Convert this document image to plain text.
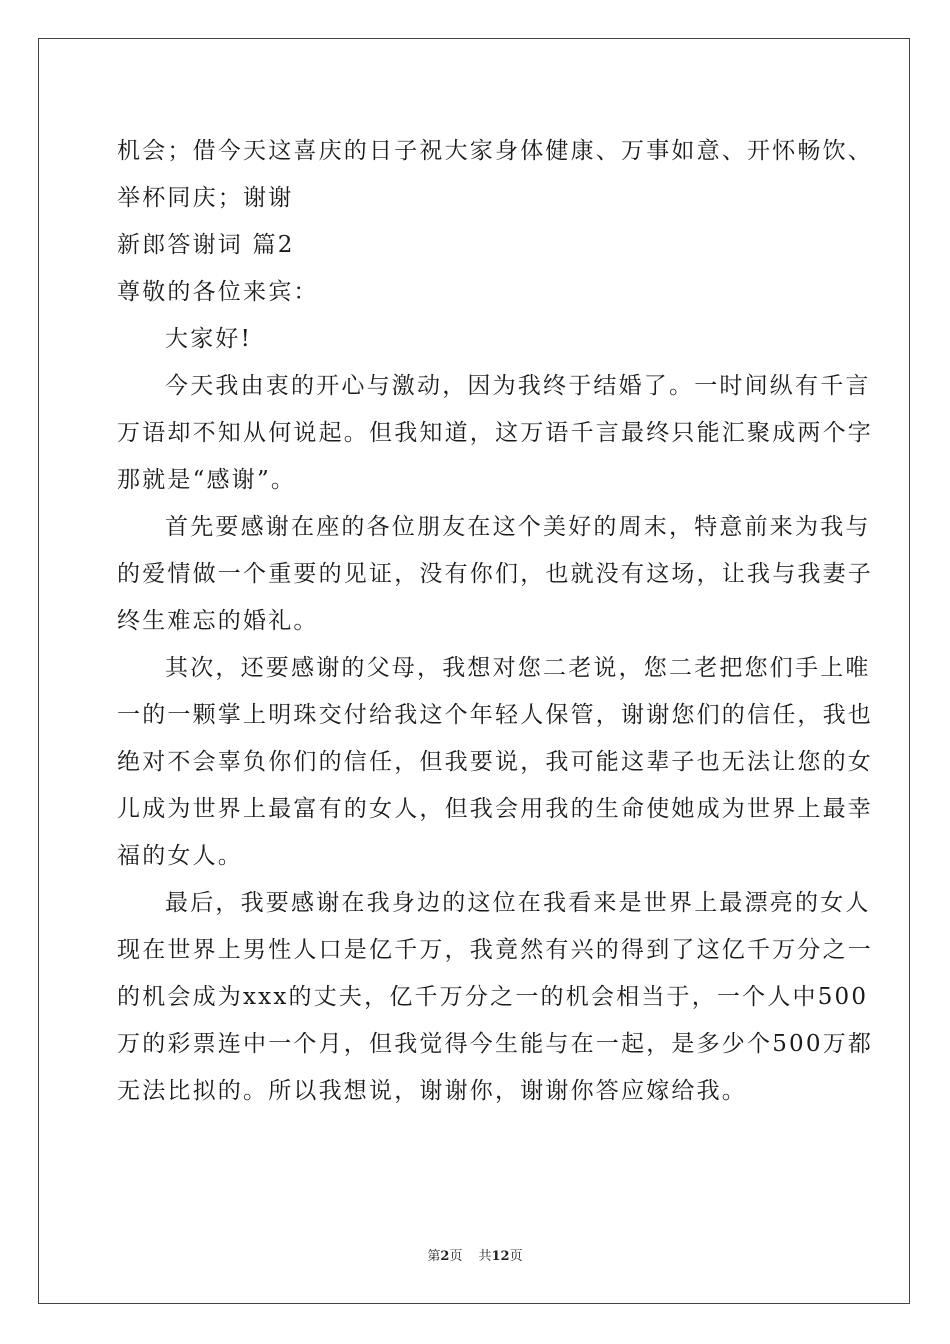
机会；借今天这喜庆的日子祝大家身体健康、万事如意、开怀畅饮、
举杯同庆；谢谢
新郎答谢词 篇2
尊敬的各位来宾：
大家好!
今天我由衷的开心与激动，因为我终于结婚了。一时间纵有千言
万语却不知从何说起。但我知道，这万语千言最终只能汇聚成两个字
那就是“感谢”。
首先要感谢在座的各位朋友在这个美好的周末，特意前来为我与
的爱情做一个重要的见证，没有你们，也就没有这场，让我与我妻子
终生难忘的婚礼。
其次，还要感谢的父母，我想对您二老说，您二老把您们手上唯
一的一颗掌上明珠交付给我这个年轻人保管，谢谢您们的信任，我也
绝对不会辜负你们的信任，但我要说，我可能这辈子也无法让您的女
儿成为世界上最富有的女人，但我会用我的生命使她成为世界上最幸
福的女人。
最后，我要感谢在我身边的这位在我看来是世界上最漂亮的女人
现在世界上男性人口是亿千万，我竟然有兴的得到了这亿千万分之一
的机会成为xxx的丈夫，亿千万分之一的机会相当于，一个人中500
万的彩票连中一个月，但我觉得今生能与在一起，是多少个500万都
无法比拟的。所以我想说，谢谢你，谢谢你答应嫁给我。
第2页 共12页
